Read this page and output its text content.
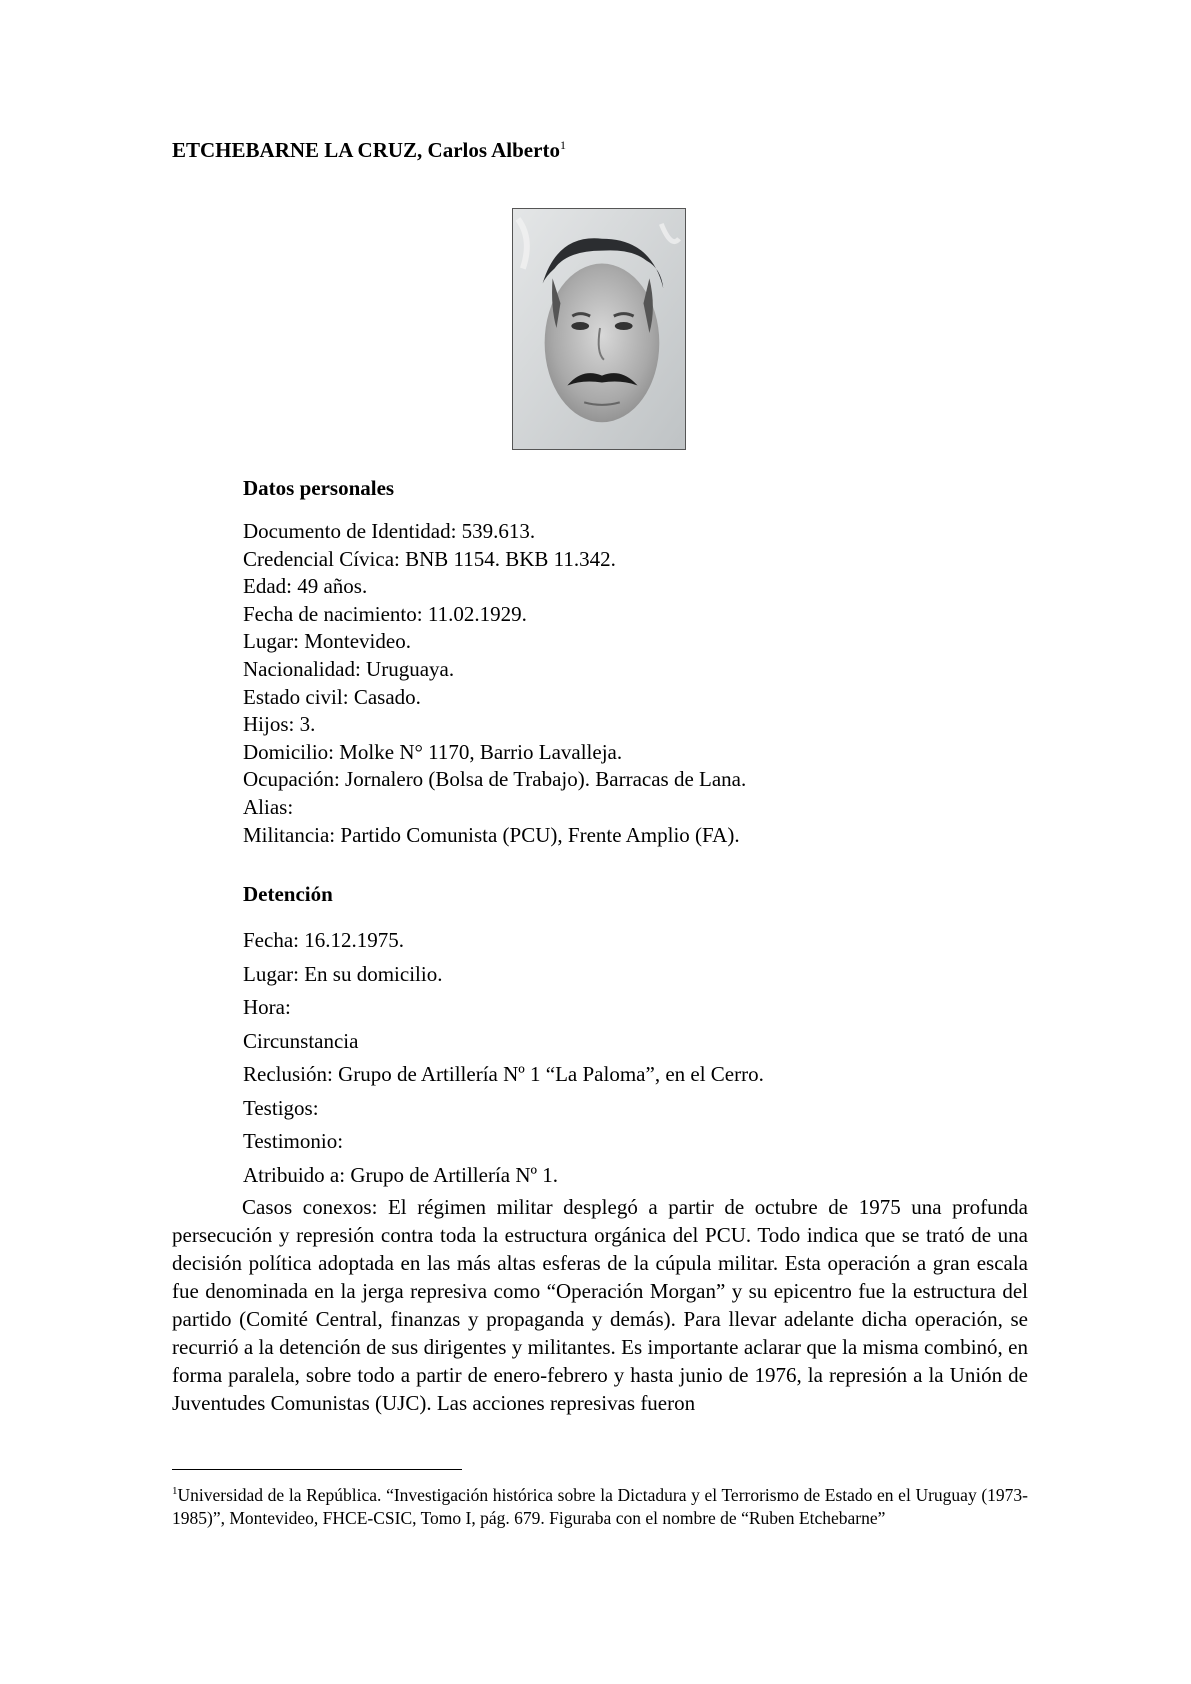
ETCHEBARNE LA CRUZ, Carlos Alberto$^1$
Datos personales
Documento de Identidad: 539.613.
Credencial Cívica: BNB 1154. BKB 11.342.
Edad: 49 años.
Fecha de nacimiento: 11.02.1929.
Lugar: Montevideo.
Nacionalidad: Uruguaya.
Estado civil: Casado.
Hijos: 3.
Domicilio: Molke N° 1170, Barrio Lavalleja.
Ocupación: Jornalero (Bolsa de Trabajo). Barracas de Lana.
Alias:
Militancia: Partido Comunista (PCU), Frente Amplio (FA).
Detención
Fecha: 16.12.1975.
Lugar: En su domicilio.
Hora:
Circunstancia
Reclusión: Grupo de Artillería Nº 1 “La Paloma”, en el Cerro.
Testigos:
Testimonio:
Atribuido a: Grupo de Artillería Nº 1.

Casos conexos: El régimen militar desplegó a partir de octubre de 1975 una profunda persecución y represión contra toda la estructura orgánica del PCU. Todo indica que se trató de una decisión política adoptada en las más altas esferas de la cúpula militar. Esta operación a gran escala fue denominada en la jerga represiva como “Operación Morgan” y su epicentro fue la estructura del partido (Comité Central, finanzas y propaganda y demás). Para llevar adelante dicha operación, se recurrió a la detención de sus dirigentes y militantes. Es importante aclarar que la misma combinó, en forma paralela, sobre todo a partir de enero-febrero y hasta junio de 1976, la represión a la Unión de Juventudes Comunistas (UJC). Las acciones represivas fueron

$^1$Universidad de la República. “Investigación histórica sobre la Dictadura y el Terrorismo de Estado en el Uruguay (1973-1985)”, Montevideo, FHCE-CSIC, Tomo I, pág. 679. Figuraba con el nombre de “Ruben Etchebarne”
